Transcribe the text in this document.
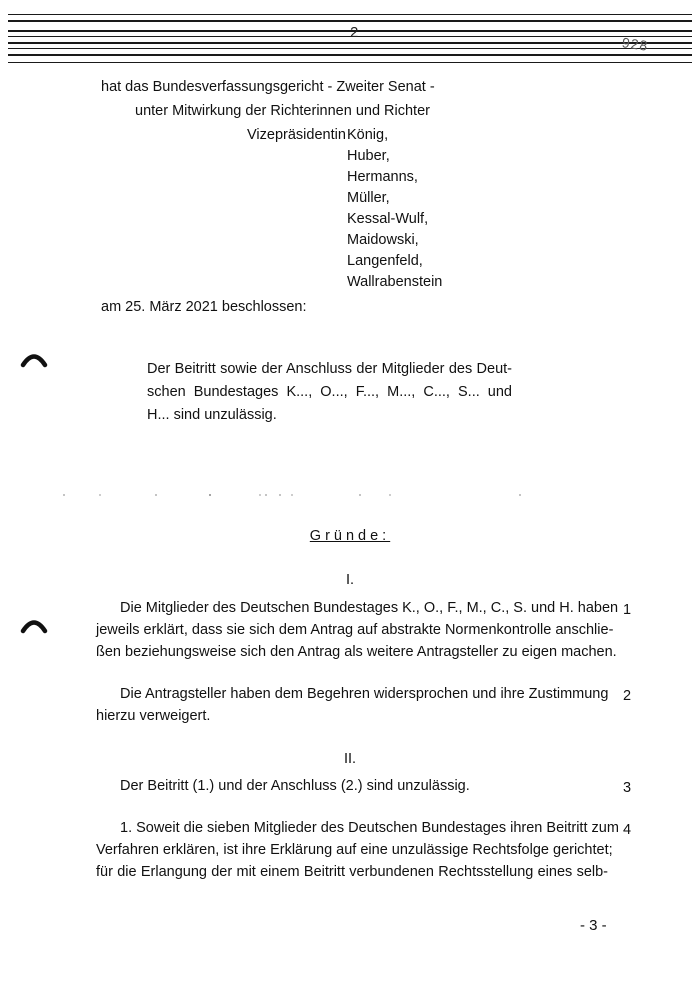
2
928
hat das Bundesverfassungsgericht - Zweiter Senat -
unter Mitwirkung der Richterinnen und Richter
Vizepräsidentin König,
Huber,
Hermanns,
Müller,
Kessal-Wulf,
Maidowski,
Langenfeld,
Wallrabenstein
am 25. März 2021 beschlossen:
Der Beitritt sowie der Anschluss der Mitglieder des Deut-
schen Bundestages K..., O..., F..., M..., C..., S... und
H... sind unzulässig.
Gründe:
I.
Die Mitglieder des Deutschen Bundestages K., O., F., M., C., S. und H. haben
jeweils erklärt, dass sie sich dem Antrag auf abstrakte Normenkontrolle anschlie-
ßen beziehungsweise sich den Antrag als weitere Antragsteller zu eigen machen.
1
Die Antragsteller haben dem Begehren widersprochen und ihre Zustimmung
hierzu verweigert.
2
II.
Der Beitritt (1.) und der Anschluss (2.) sind unzulässig.	3
1. Soweit die sieben Mitglieder des Deutschen Bundestages ihren Beitritt zum
Verfahren erklären, ist ihre Erklärung auf eine unzulässige Rechtsfolge gerichtet;
für die Erlangung der mit einem Beitritt verbundenen Rechtsstellung eines selb-
4
- 3 -
